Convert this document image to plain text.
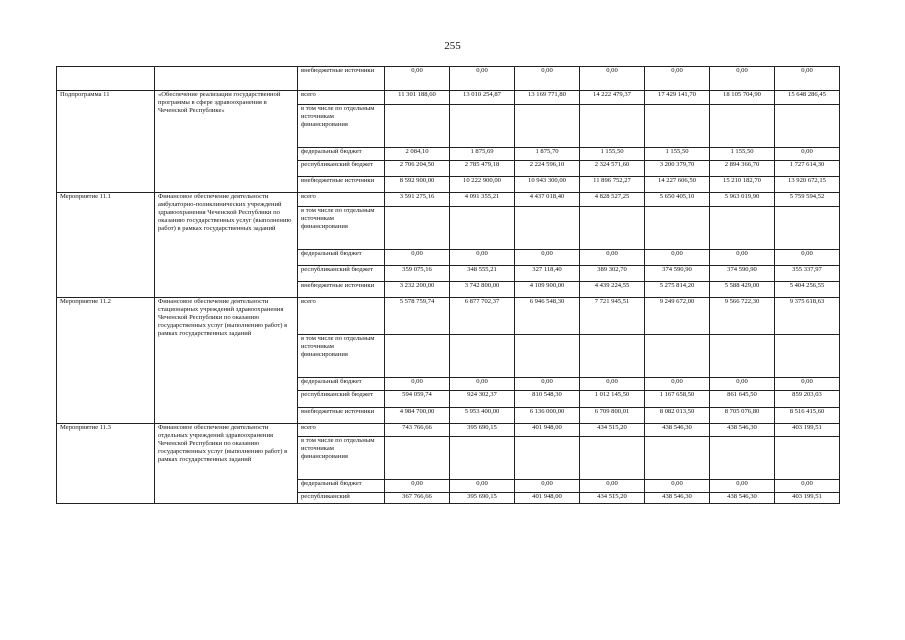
255
		внебюджетные источники	0,00	0,00	0,00	0,00	0,00	0,00	0,00
Подпрограмма 11	«Обеспечение реализации государственной программы в сфере здравоохранения в Чеченской Республике»	всего	11 301 188,60	13 010 254,87	13 169 771,80	14 222 479,37	17 429 141,70	18 105 704,90	15 648 286,45
		в том числе по отдельным источникам финансирования							
		федеральный бюджет	2 084,10	1 875,69	1 875,70	1 155,50	1 155,50	1 155,50	0,00
		республиканский бюджет	2 706 204,50	2 785 479,18	2 224 596,10	2 324 571,60	3 200 379,70	2 894 366,70	1 727 614,30
		внебюджетные источники	8 592 900,00	10 222 900,00	10 943 300,00	11 896 752,27	14 227 606,50	15 210 182,70	13 920 672,15
Мероприятие 11.1	Финансовое обеспечение деятельности амбулаторно-поликлинических учреждений здравоохранения Чеченской Республики по оказанию государственных услуг (выполнению работ) в рамках государственных заданий	всего	3 591 275,16	4 091 355,21	4 437 018,40	4 828 527,25	5 650 405,10	5 963 019,90	5 759 594,52
		в том числе по отдельным источникам финансирования							
		федеральный бюджет	0,00	0,00	0,00	0,00	0,00	0,00	0,00
		республиканский бюджет	359 075,16	348 555,21	327 118,40	389 302,70	374 590,90	374 590,90	355 337,97
		внебюджетные источники	3 232 200,00	3 742 800,00	4 109 900,00	4 439 224,55	5 275 814,20	5 588 429,00	5 404 256,55
Мероприятие 11.2	Финансовое обеспечение деятельности стационарных учреждений здравоохранения Чеченской Республики по оказанию государственных услуг (выполнению работ) в рамках государственных заданий	всего	5 578 759,74	6 877 702,37	6 946 548,30	7 721 945,51	9 249 672,00	9 566 722,30	9 375 618,63
		в том числе по отдельным источникам финансирования							
		федеральный бюджет	0,00	0,00	0,00	0,00	0,00	0,00	0,00
		республиканский бюджет	594 059,74	924 302,37	810 548,30	1 012 145,50	1 167 658,50	861 645,50	859 203,03
		внебюджетные источники	4 984 700,00	5 953 400,00	6 136 000,00	6 709 800,01	8 082 013,50	8 705 076,80	8 516 415,60
Мероприятие 11.3	Финансовое обеспечение деятельности отдельных учреждений здравоохранения Чеченской Республики по оказанию государственных услуг (выполнению работ) в рамках государственных заданий	всего	743 766,66	395 690,15	401 948,00	434 515,20	438 546,30	438 546,30	403 199,51
		в том числе по отдельным источникам финансирования							
		федеральный бюджет	0,00	0,00	0,00	0,00	0,00	0,00	0,00
		республиканский	367 766,66	395 690,15	401 948,00	434 515,20	438 546,30	438 546,30	403 199,51
